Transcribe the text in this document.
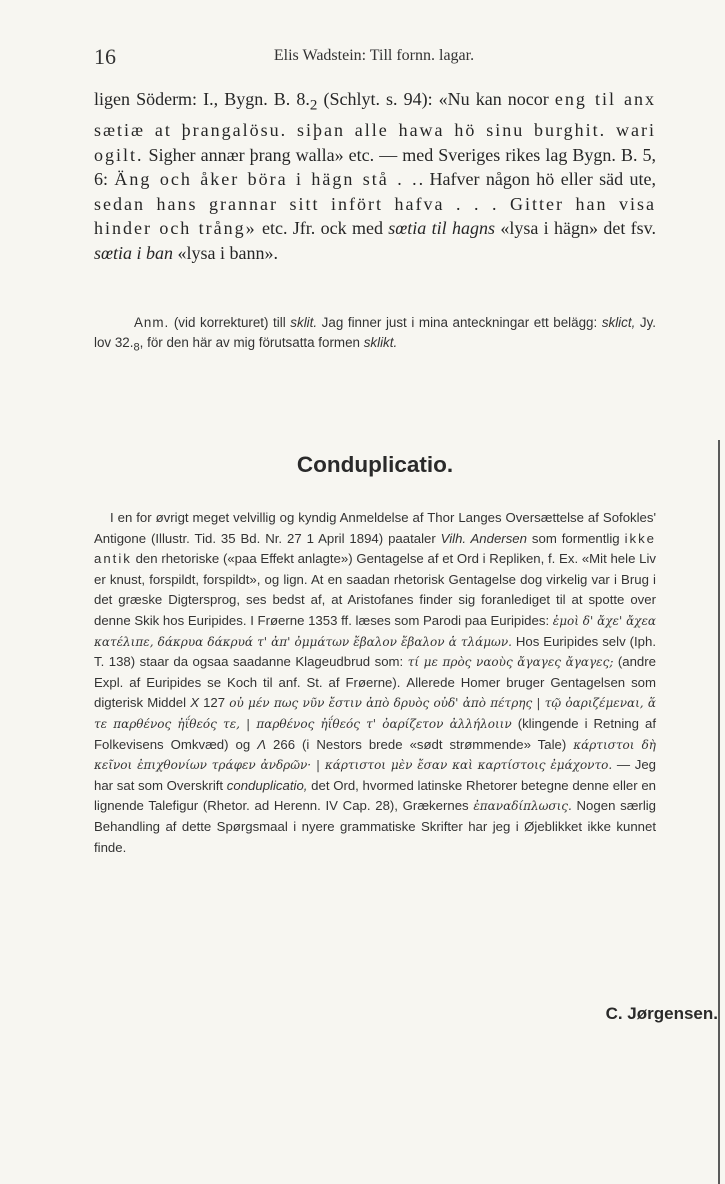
16	Elis Wadstein: Till fornn. lagar.

ligen Söderm: I., Bygn. B. $8._2$ (Schlyt. s. 94): «Nu kan nocor eng til anx sætiæ at þrangalösu. siþan alle hawa hö sinu burghit. wari ogilt. Sigher annær þrang walla» etc. — med Sveriges rikes lag Bygn. B. 5, 6: Äng och åker böra i hägn stå . .. Hafver någon hö eller säd ute, sedan hans grannar sitt infört hafva . . . Gitter han visa hinder och trång» etc. Jfr. ock med sœtia til hagns «lysa i hägn» det fsv. sœtia i ban «lysa i bann».

Anm. (vid korrekturet) till sklit. Jag finner just i mina anteckningar ett belägg: sklict, Jy. lov $32._8$, för den här av mig förutsatta formen sklikt.

Conduplicatio.

I en for øvrigt meget velvillig og kyndig Anmeldelse af Thor Langes Oversættelse af Sofokles' Antigone (Illustr. Tid. 35 Bd. Nr. 27 1 April 1894) paataler Vilh. Andersen som formentlig ikke antik den rhetoriske («paa Effekt anlagte») Gentagelse af et Ord i Repliken, f. Ex. «Mit hele Liv er knust, forspildt, forspildt», og lign. At en saadan rhetorisk Gentagelse dog virkelig var i Brug i det græske Digtersprog, ses bedst af, at Aristofanes finder sig foranlediget til at spotte over denne Skik hos Euripides. I Frøerne 1353 ff. læses som Parodi paa Euripides: ἐμοὶ δ' ἄχε' ἄχεα κατέλιπε, δάκρυα δάκρυά τ' ἀπ' ὀμμάτων ἔβαλον ἔβαλον ἁ τλάμων. Hos Euripides selv (Iph. T. 138) staar da ogsaa saadanne Klageudbrud som: τί με πρὸς ναοὺς ἄγαγες ἄγαγες; (andre Expl. af Euripides se Koch til anf. St. af Frøerne). Allerede Homer bruger Gentagelsen som digterisk Middel Χ 127 οὐ μέν πως νῦν ἔστιν ἀπὸ δρυὸς οὐδ' ἀπὸ πέτρης | τῷ ὀαριζέμεναι, ἅ τε παρθένος ἠΐθεός τε, | παρθένος ἠΐθεός τ' ὀαρίζετον ἀλλήλοιιν (klingende i Retning af Folkevisens Omkvæd) og Λ 266 (i Nestors brede «sødt strømmende» Tale) κάρτιστοι δὴ κεῖνοι ἐπιχθονίων τράφεν ἀνδρῶν· | κάρτιστοι μὲν ἔσαν καὶ καρτίστοις ἐμάχοντο. — Jeg har sat som Overskrift conduplicatio, det Ord, hvormed latinske Rhetorer betegne denne eller en lignende Talefigur (Rhetor. ad Herenn. IV Cap. 28), Grækernes ἐπαναδίπλωσις. Nogen særlig Behandling af dette Spørgsmaal i nyere grammatiske Skrifter har jeg i Øjeblikket ikke kunnet finde.

C. Jørgensen.
